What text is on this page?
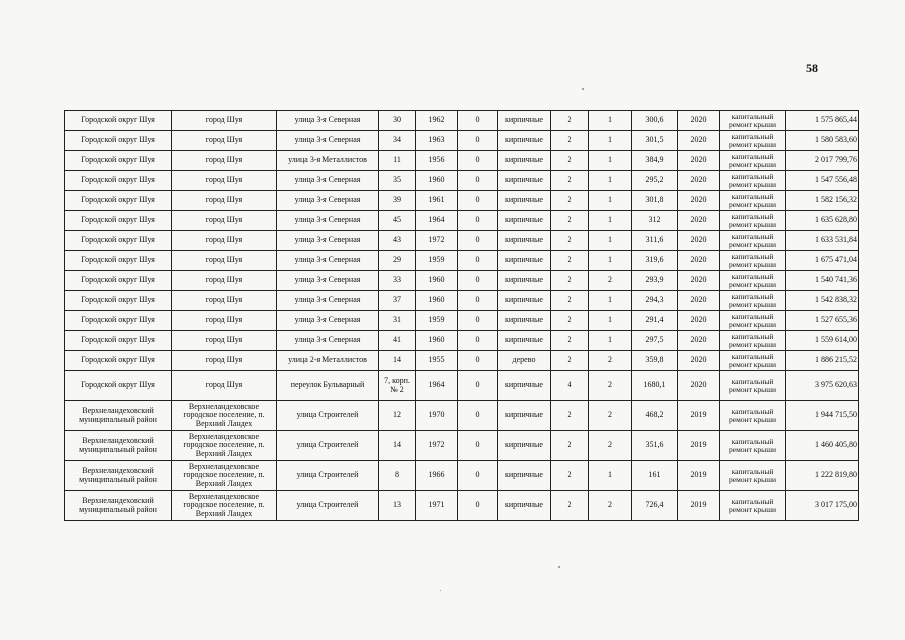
58
Городской округ Шуя	город Шуя	улица 3-я Северная	30	1962	0	кирпичные	2	1	300,6	2020	капитальный ремонт крыши	1 575 865,44
Городской округ Шуя	город Шуя	улица 3-я Северная	34	1963	0	кирпичные	2	1	301,5	2020	капитальный ремонт крыши	1 580 583,60
Городской округ Шуя	город Шуя	улица 3-я Металлистов	11	1956	0	кирпичные	2	1	384,9	2020	капитальный ремонт крыши	2 017 799,76
Городской округ Шуя	город Шуя	улица 3-я Северная	35	1960	0	кирпичные	2	1	295,2	2020	капитальный ремонт крыши	1 547 556,48
Городской округ Шуя	город Шуя	улица 3-я Северная	39	1961	0	кирпичные	2	1	301,8	2020	капитальный ремонт крыши	1 582 156,32
Городской округ Шуя	город Шуя	улица 3-я Северная	45	1964	0	кирпичные	2	1	312	2020	капитальный ремонт крыши	1 635 628,80
Городской округ Шуя	город Шуя	улица 3-я Северная	43	1972	0	кирпичные	2	1	311,6	2020	капитальный ремонт крыши	1 633 531,84
Городской округ Шуя	город Шуя	улица 3-я Северная	29	1959	0	кирпичные	2	1	319,6	2020	капитальный ремонт крыши	1 675 471,04
Городской округ Шуя	город Шуя	улица 3-я Северная	33	1960	0	кирпичные	2	2	293,9	2020	капитальный ремонт крыши	1 540 741,36
Городской округ Шуя	город Шуя	улица 3-я Северная	37	1960	0	кирпичные	2	1	294,3	2020	капитальный ремонт крыши	1 542 838,32
Городской округ Шуя	город Шуя	улица 3-я Северная	31	1959	0	кирпичные	2	1	291,4	2020	капитальный ремонт крыши	1 527 655,36
Городской округ Шуя	город Шуя	улица 3-я Северная	41	1960	0	кирпичные	2	1	297,5	2020	капитальный ремонт крыши	1 559 614,00
Городской округ Шуя	город Шуя	улица 2-я Металлистов	14	1955	0	дерево	2	2	359,8	2020	капитальный ремонт крыши	1 886 215,52
Городской округ Шуя	город Шуя	переулок Бульварный	7, корп. № 2	1964	0	кирпичные	4	2	1680,1	2020	капитальный ремонт крыши	3 975 620,63
Верхнеландеховский муниципальный район	Верхнеландеховское городское поселение, п. Верхний Ландех	улица Строителей	12	1970	0	кирпичные	2	2	468,2	2019	капитальный ремонт крыши	1 944 715,50
Верхнеландеховский муниципальный район	Верхнеландеховское городское поселение, п. Верхний Ландех	улица Строителей	14	1972	0	кирпичные	2	2	351,6	2019	капитальный ремонт крыши	1 460 405,80
Верхнеландеховский муниципальный район	Верхнеландеховское городское поселение, п. Верхний Ландех	улица Строителей	8	1966	0	кирпичные	2	1	161	2019	капитальный ремонт крыши	1 222 819,80
Верхнеландеховский муниципальный район	Верхнеландеховское городское поселение, п. Верхний Ландех	улица Строителей	13	1971	0	кирпичные	2	2	726,4	2019	капитальный ремонт крыши	3 017 175,00
